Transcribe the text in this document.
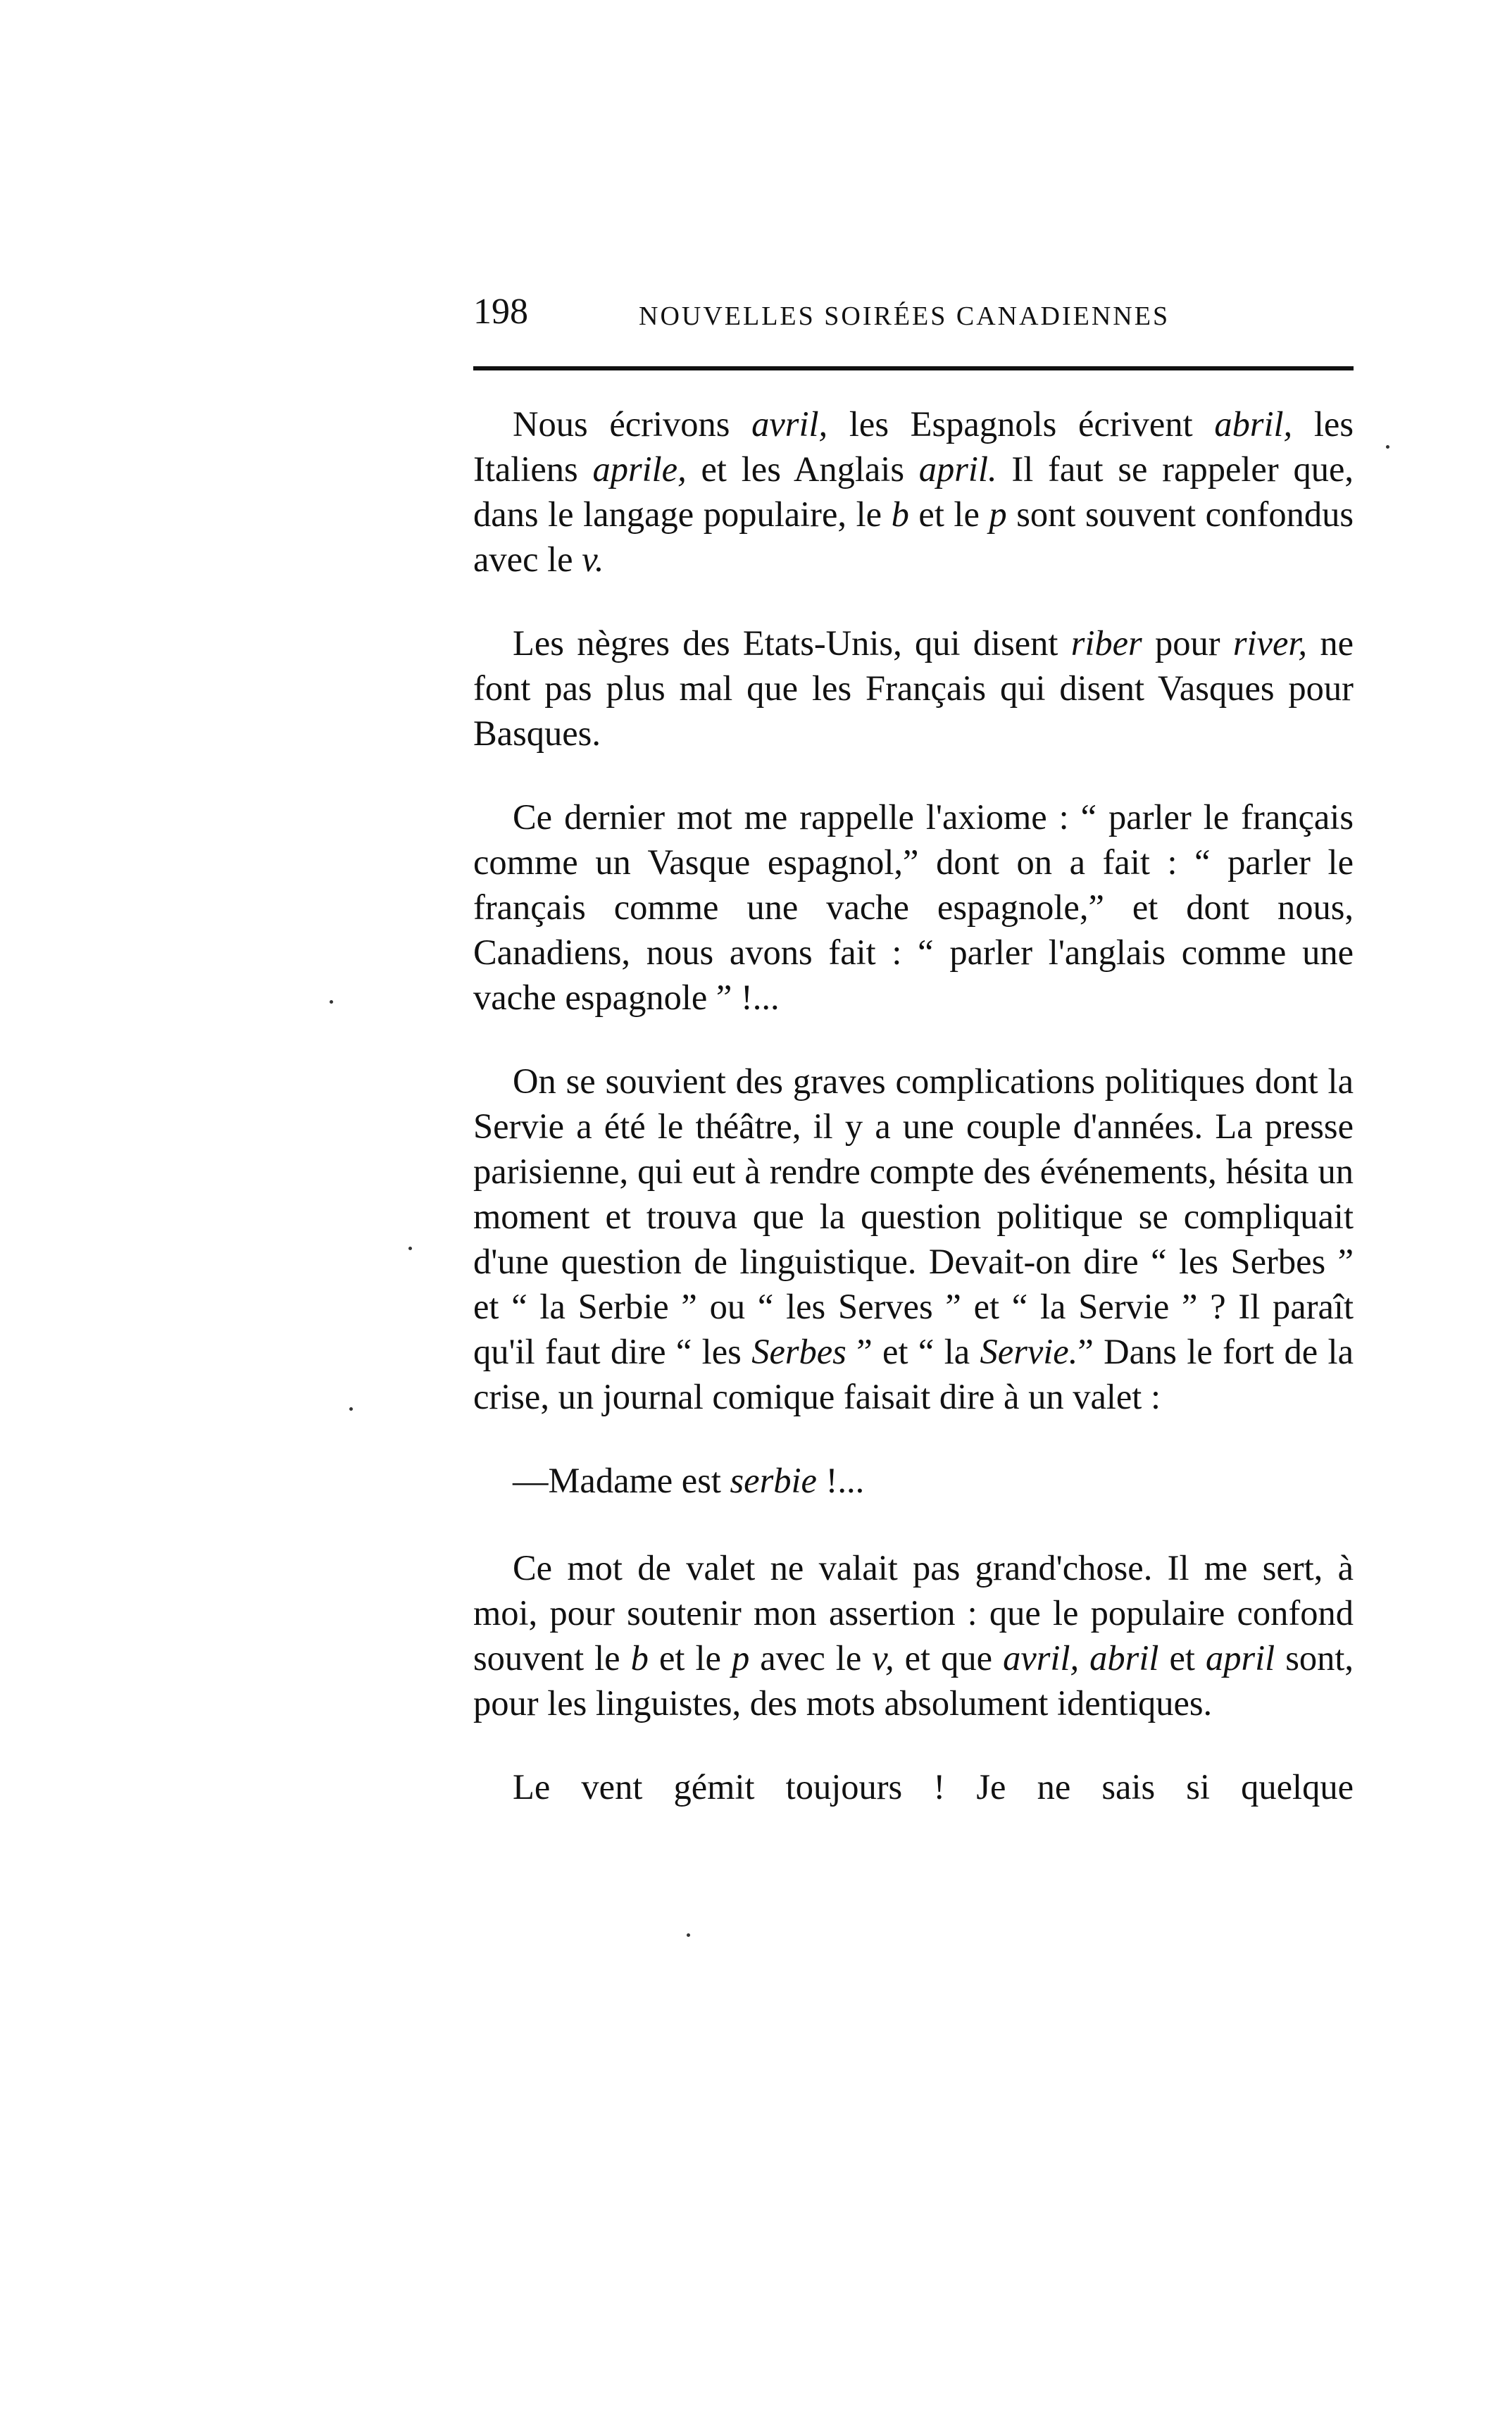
198	NOUVELLES SOIRÉES CANADIENNES

Nous écrivons avril, les Espagnols écrivent abril, les Italiens aprile, et les Anglais april. Il faut se rappeler que, dans le langage populaire, le b et le p sont souvent confondus avec le v.

Les nègres des Etats-Unis, qui disent riber pour river, ne font pas plus mal que les Français qui disent Vasques pour Basques.

Ce dernier mot me rappelle l'axiome : “ parler le français comme un Vasque espagnol,” dont on a fait : “ parler le français comme une vache espagnole,” et dont nous, Canadiens, nous avons fait : “ parler l'anglais comme une vache espagnole ” !...

On se souvient des graves complications politiques dont la Servie a été le théâtre, il y a une couple d'années. La presse parisienne, qui eut à rendre compte des événements, hésita un moment et trouva que la question politique se compliquait d'une question de linguistique. Devait-on dire “ les Serbes ” et “ la Serbie ” ou “ les Serves ” et “ la Servie ” ? Il paraît qu'il faut dire “ les Serbes ” et “ la Servie.” Dans le fort de la crise, un journal comique faisait dire à un valet :

—Madame est serbie !...

Ce mot de valet ne valait pas grand'chose. Il me sert, à moi, pour soutenir mon assertion : que le populaire confond souvent le b et le p avec le v, et que avril, abril et april sont, pour les linguistes, des mots absolument identiques.

Le vent gémit toujours ! Je ne sais si quelque
